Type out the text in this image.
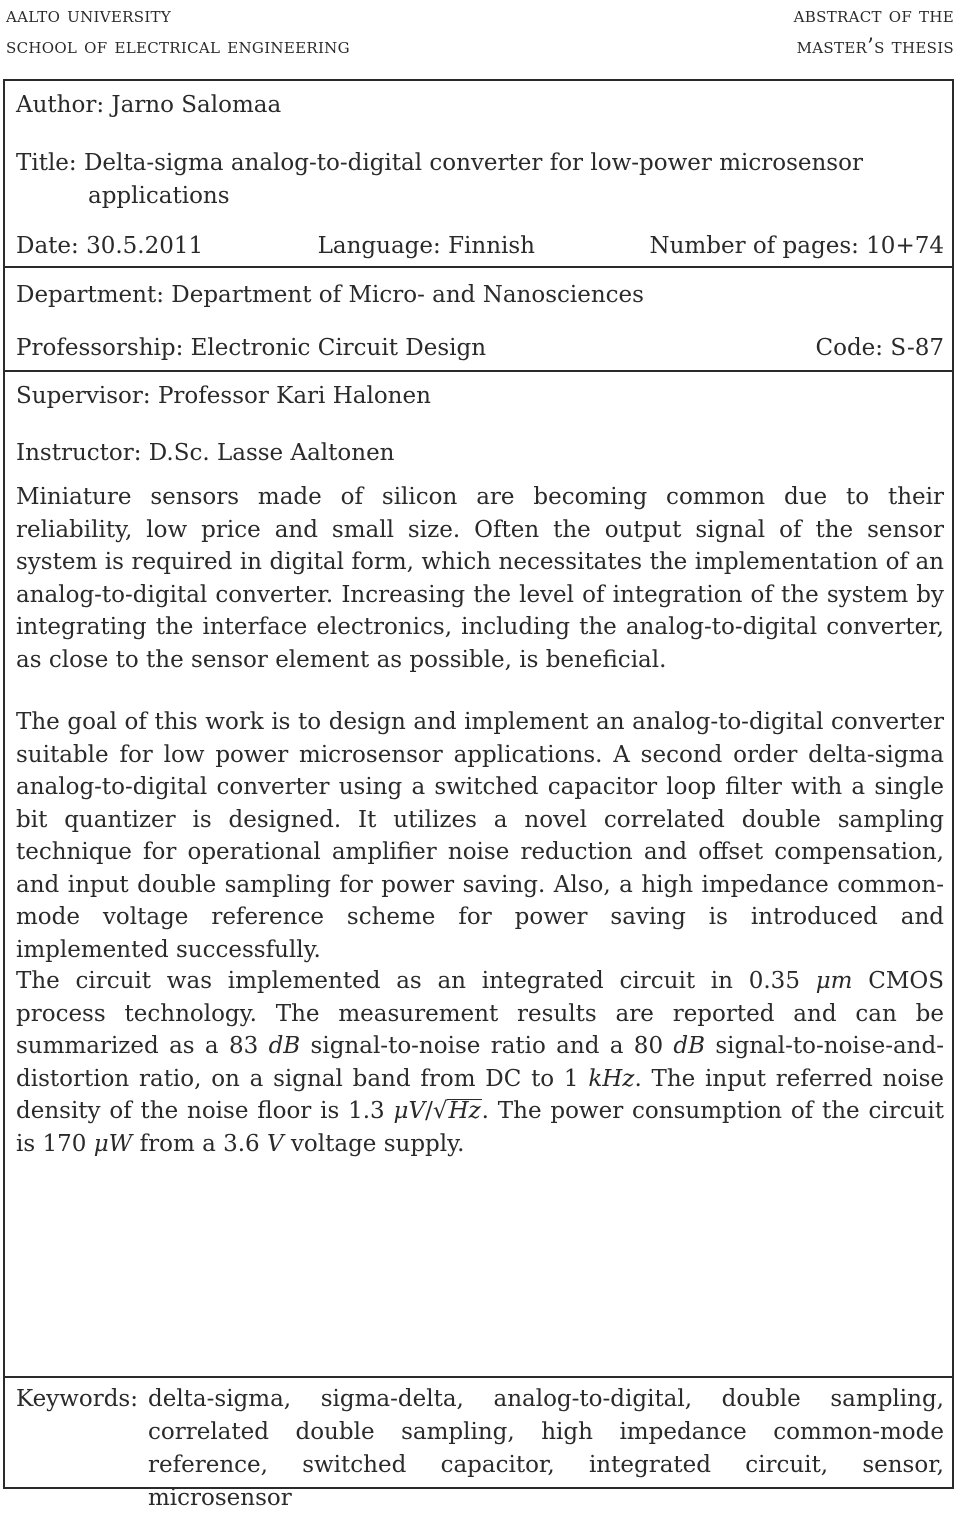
aalto university
school of electrical engineering
abstract of the
master’s thesis
Author: Jarno Salomaa
Title: Delta-sigma analog-to-digital converter for low-power microsensor
applications
Date: 30.5.2011	Language: Finnish	Number of pages: 10+74
Department: Department of Micro- and Nanosciences
Professorship: Electronic Circuit Design	Code: S-87
Supervisor: Professor Kari Halonen
Instructor: D.Sc. Lasse Aaltonen
Miniature sensors made of silicon are becoming common due to their reliability, low price and small size. Often the output signal of the sensor system is required in digital form, which necessitates the implementation of an analog-to-digital converter. Increasing the level of integration of the system by integrating the interface electronics, including the analog-to-digital converter, as close to the sensor element as possible, is beneficial.
The goal of this work is to design and implement an analog-to-digital converter suitable for low power microsensor applications. A second order delta-sigma analog-to-digital converter using a switched capacitor loop filter with a single bit quantizer is designed. It utilizes a novel correlated double sampling technique for operational amplifier noise reduction and offset compensation, and input double sampling for power saving. Also, a high impedance common-mode voltage reference scheme for power saving is introduced and implemented successfully.
The circuit was implemented as an integrated circuit in 0.35 μm CMOS process technology. The measurement results are reported and can be summarized as a 83 dB signal-to-noise ratio and a 80 dB signal-to-noise-and-distortion ratio, on a signal band from DC to 1 kHz. The input referred noise density of the noise floor is 1.3 μV/√Hz. The power consumption of the circuit is 170 μW from a 3.6 V voltage supply.
Keywords: delta-sigma, sigma-delta, analog-to-digital, double sampling, correlated double sampling, high impedance common-mode reference, switched capacitor, integrated circuit, sensor, microsensor
